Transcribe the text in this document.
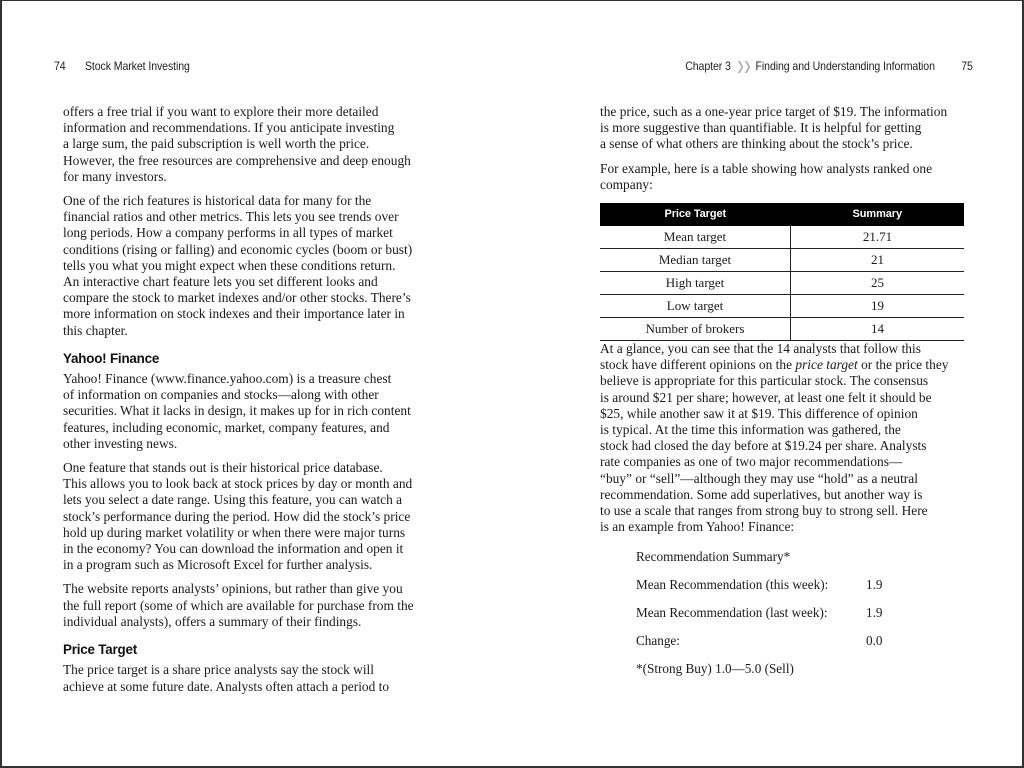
74 Stock Market Investing

offers a free trial if you want to explore their more detailed
information and recommendations. If you anticipate investing
a large sum, the paid subscription is well worth the price.
However, the free resources are comprehensive and deep enough
for many investors.

One of the rich features is historical data for many for the
financial ratios and other metrics. This lets you see trends over
long periods. How a company performs in all types of market
conditions (rising or falling) and economic cycles (boom or bust)
tells you what you might expect when these conditions return.
An interactive chart feature lets you set different looks and
compare the stock to market indexes and/or other stocks. There’s
more information on stock indexes and their importance later in
this chapter.

Yahoo! Finance

Yahoo! Finance (www.finance.yahoo.com) is a treasure chest
of information on companies and stocks—along with other
securities. What it lacks in design, it makes up for in rich content
features, including economic, market, company features, and
other investing news.

One feature that stands out is their historical price database.
This allows you to look back at stock prices by day or month and
lets you select a date range. Using this feature, you can watch a
stock’s performance during the period. How did the stock’s price
hold up during market volatility or when there were major turns
in the economy? You can download the information and open it
in a program such as Microsoft Excel for further analysis.

The website reports analysts’ opinions, but rather than give you
the full report (some of which are available for purchase from the
individual analysts), offers a summary of their findings.

Price Target

The price target is a share price analysts say the stock will
achieve at some future date. Analysts often attach a period to

Chapter 3 ❯❯ Finding and Understanding Information 75

the price, such as a one-year price target of $19. The information
is more suggestive than quantifiable. It is helpful for getting
a sense of what others are thinking about the stock’s price.

For example, here is a table showing how analysts ranked one
company:

Price Target	Summary
Mean target	21.71
Median target	21
High target	25
Low target	19
Number of brokers	14

At a glance, you can see that the 14 analysts that follow this
stock have different opinions on the price target or the price they
believe is appropriate for this particular stock. The consensus
is around $21 per share; however, at least one felt it should be
$25, while another saw it at $19. This difference of opinion
is typical. At the time this information was gathered, the
stock had closed the day before at $19.24 per share. Analysts
rate companies as one of two major recommendations—
“buy” or “sell”—although they may use “hold” as a neutral
recommendation. Some add superlatives, but another way is
to use a scale that ranges from strong buy to strong sell. Here
is an example from Yahoo! Finance:

Recommendation Summary*
Mean Recommendation (this week):	1.9
Mean Recommendation (last week):	1.9
Change:	0.0
*(Strong Buy) 1.0—5.0 (Sell)
